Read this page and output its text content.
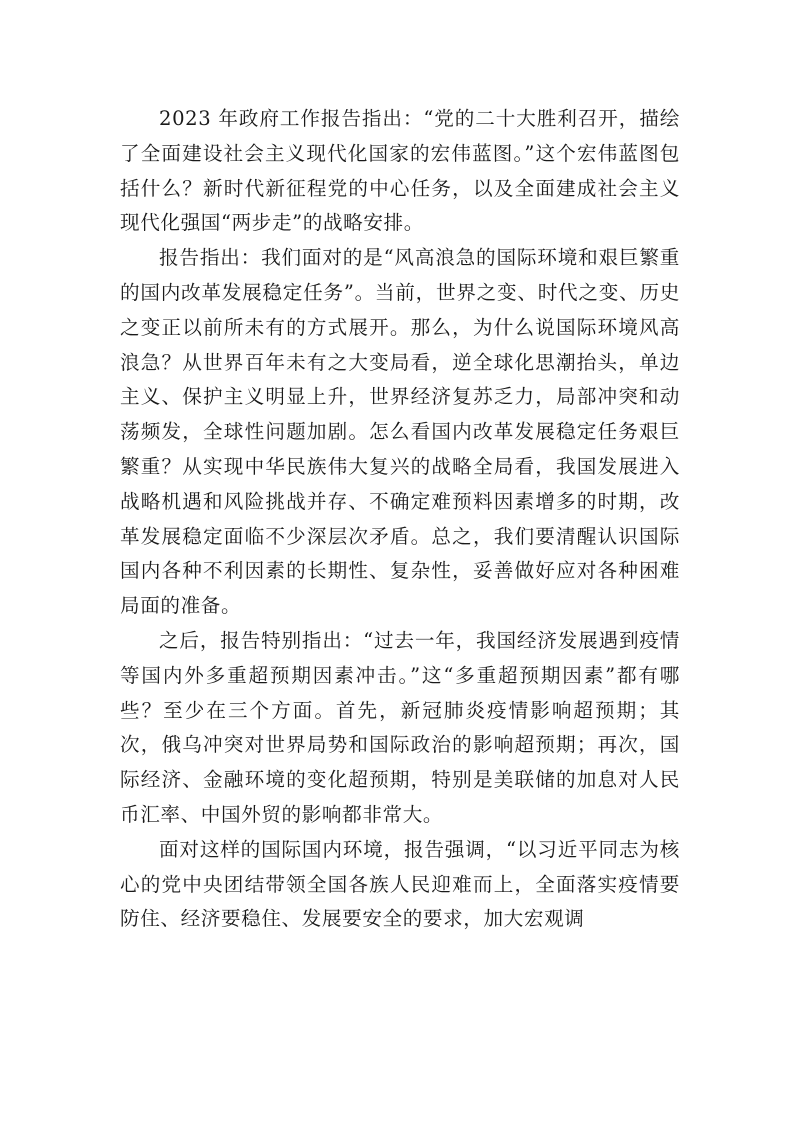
2023 年政府工作报告指出：“党的二十大胜利召开，描绘了全面建设社会主义现代化国家的宏伟蓝图。”这个宏伟蓝图包括什么？新时代新征程党的中心任务，以及全面建成社会主义现代化强国“两步走”的战略安排。

报告指出：我们面对的是“风高浪急的国际环境和艰巨繁重的国内改革发展稳定任务”。当前，世界之变、时代之变、历史之变正以前所未有的方式展开。那么，为什么说国际环境风高浪急？从世界百年未有之大变局看，逆全球化思潮抬头，单边主义、保护主义明显上升，世界经济复苏乏力，局部冲突和动荡频发，全球性问题加剧。怎么看国内改革发展稳定任务艰巨繁重？从实现中华民族伟大复兴的战略全局看，我国发展进入战略机遇和风险挑战并存、不确定难预料因素增多的时期，改革发展稳定面临不少深层次矛盾。总之，我们要清醒认识国际国内各种不利因素的长期性、复杂性，妥善做好应对各种困难局面的准备。

之后，报告特别指出：“过去一年，我国经济发展遇到疫情等国内外多重超预期因素冲击。”这“多重超预期因素”都有哪些？至少在三个方面。首先，新冠肺炎疫情影响超预期；其次，俄乌冲突对世界局势和国际政治的影响超预期；再次，国际经济、金融环境的变化超预期，特别是美联储的加息对人民币汇率、中国外贸的影响都非常大。

面对这样的国际国内环境，报告强调，“以习近平同志为核心的党中央团结带领全国各族人民迎难而上，全面落实疫情要防住、经济要稳住、发展要安全的要求，加大宏观调
